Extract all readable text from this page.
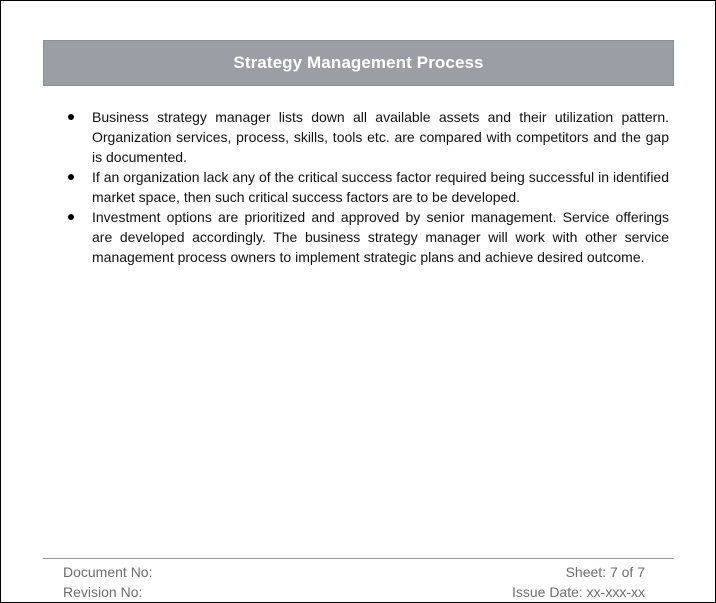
Strategy Management Process
Business strategy manager lists down all available assets and their utilization pattern. Organization services, process, skills, tools etc. are compared with competitors and the gap is documented.
If an organization lack any of the critical success factor required being successful in identified market space, then such critical success factors are to be developed.
Investment options are prioritized and approved by senior management. Service offerings are developed accordingly. The business strategy manager will work with other service management process owners to implement strategic plans and achieve desired outcome.
Document No:	Sheet: 7 of 7
Revision No:	Issue Date: xx-xxx-xx
